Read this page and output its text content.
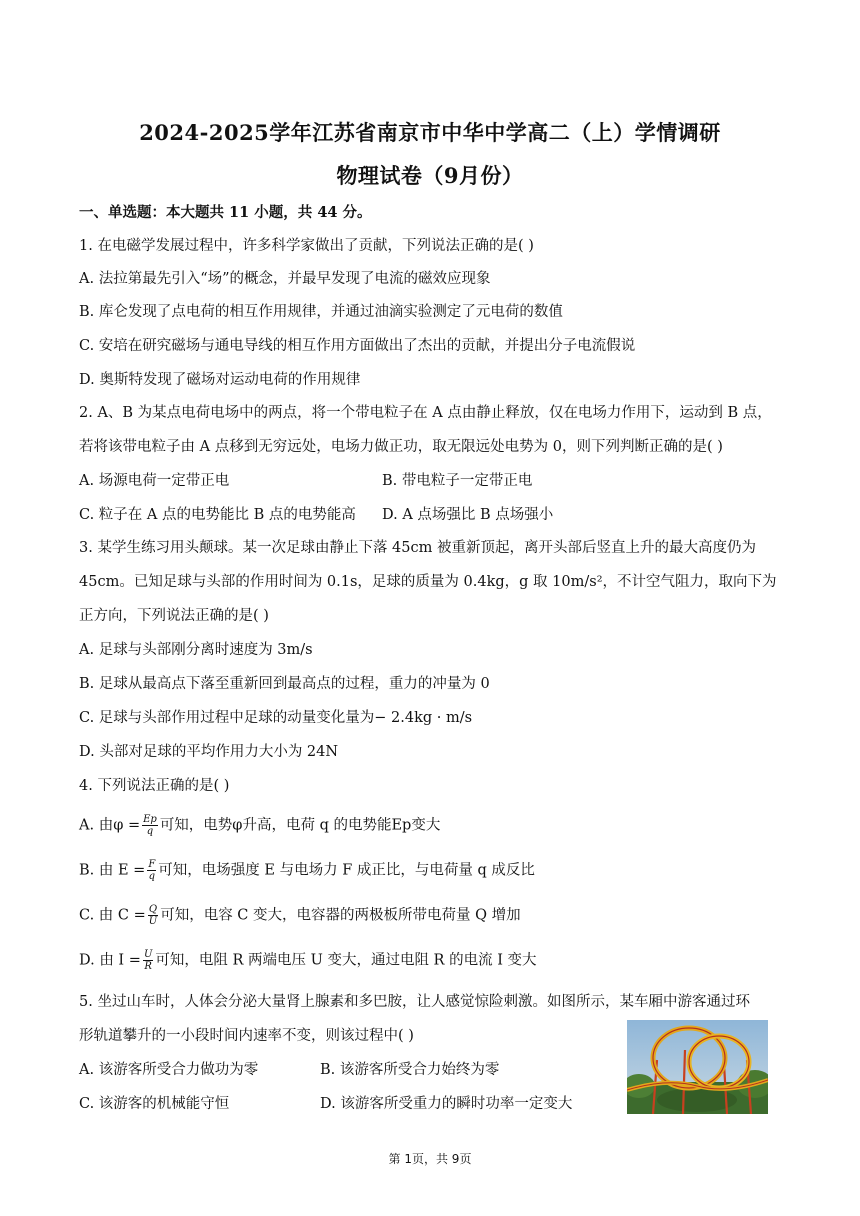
2024-2025学年江苏省南京市中华中学高二（上）学情调研
物理试卷（9月份）
一、单选题：本大题共 11 小题，共 44 分。
1. 在电磁学发展过程中，许多科学家做出了贡献，下列说法正确的是( )
A. 法拉第最先引入“场”的概念，并最早发现了电流的磁效应现象
B. 库仑发现了点电荷的相互作用规律，并通过油滴实验测定了元电荷的数值
C. 安培在研究磁场与通电导线的相互作用方面做出了杰出的贡献，并提出分子电流假说
D. 奥斯特发现了磁场对运动电荷的作用规律
2. A、B 为某点电荷电场中的两点，将一个带电粒子在 A 点由静止释放，仅在电场力作用下，运动到 B 点，
若将该带电粒子由 A 点移到无穷远处，电场力做正功，取无限远处电势为 0，则下列判断正确的是( )
A. 场源电荷一定带正电	B. 带电粒子一定带正电
C. 粒子在 A 点的电势能比 B 点的电势能高 D. A 点场强比 B 点场强小
3. 某学生练习用头颠球。某一次足球由静止下落 45cm 被重新顶起，离开头部后竖直上升的最大高度仍为
45cm。已知足球与头部的作用时间为 0.1s，足球的质量为 0.4kg，g 取 10m/s²，不计空气阻力，取向下为
正方向，下列说法正确的是( )
A. 足球与头部刚分离时速度为 3m/s
B. 足球从最高点下落至重新回到最高点的过程，重力的冲量为 0
C. 足球与头部作用过程中足球的动量变化量为− 2.4kg · m/s
D. 头部对足球的平均作用力大小为 24N
4. 下列说法正确的是( )
A. 由$\varphi = \frac{Ep}{q}$ 可知，电势φ升高，电荷 q 的电势能Ep变大
B. 由 $E = \frac{F}{q}$ 可知，电场强度 E 与电场力 F 成正比，与电荷量 q 成反比
C. 由 $C = \frac{Q}{U}$ 可知，电容 C 变大，电容器的两极板所带电荷量 Q 增加
D. 由 $I = \frac{U}{R}$ 可知，电阻 R 两端电压 U 变大，通过电阻 R 的电流 I 变大
5. 坐过山车时，人体会分泌大量肾上腺素和多巴胺，让人感觉惊险刺激。如图所示，某车厢中游客通过环
形轨道攀升的一小段时间内速率不变，则该过程中( )
A. 该游客所受合力做功为零	B. 该游客所受合力始终为零
C. 该游客的机械能守恒	D. 该游客所受重力的瞬时功率一定变大
第 1页，共 9页
